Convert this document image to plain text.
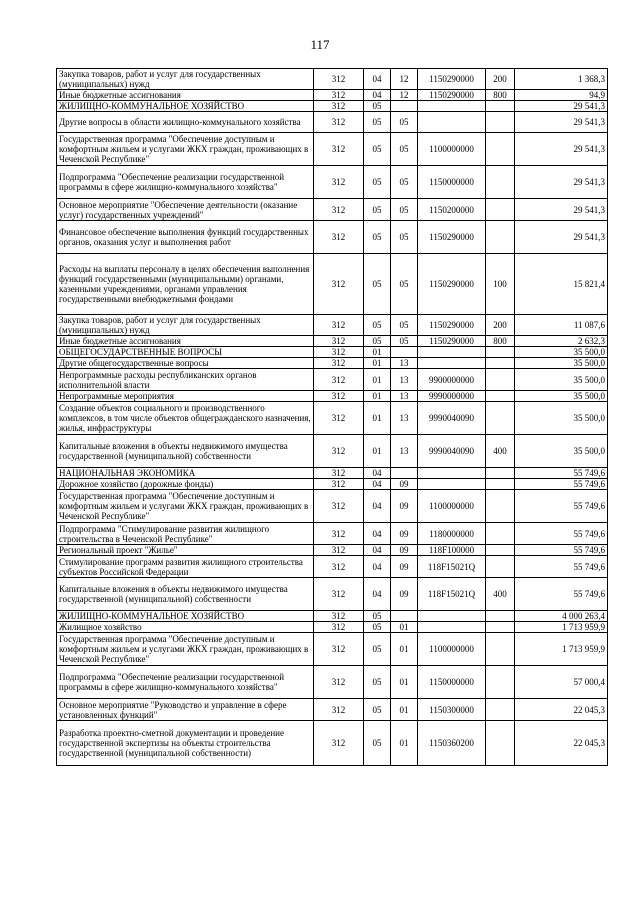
117
Закупка товаров, работ и услуг для государственных (муниципальных) нужд	312	04	12	1150290000	200	1 368,3
Иные бюджетные ассигнования	312	04	12	1150290000	800	94,9
ЖИЛИЩНО-КОММУНАЛЬНОЕ ХОЗЯЙСТВО	312	05				29 541,3
Другие вопросы в области жилищно-коммунального хозяйства	312	05	05			29 541,3
Государственная программа "Обеспечение доступным и комфортным жильем и услугами ЖКХ граждан, проживающих в Чеченской Республике"	312	05	05	1100000000		29 541,3
Подпрограмма "Обеспечение реализации государственной программы в сфере жилищно-коммунального хозяйства"	312	05	05	1150000000		29 541,3
Основное мероприятие "Обеспечение деятельности (оказание услуг) государственных учреждений"	312	05	05	1150200000		29 541,3
Финансовое обеспечение выполнения функций государственных органов, оказания услуг и выполнения работ	312	05	05	1150290000		29 541,3
Расходы на выплаты персоналу в целях обеспечения выполнения функций государственными (муниципальными) органами, казенными учреждениями, органами управления государственными внебюджетными фондами	312	05	05	1150290000	100	15 821,4
Закупка товаров, работ и услуг для государственных (муниципальных) нужд	312	05	05	1150290000	200	11 087,6
Иные бюджетные ассигнования	312	05	05	1150290000	800	2 632,3
ОБЩЕГОСУДАРСТВЕННЫЕ ВОПРОСЫ	312	01				35 500,0
Другие общегосударственные вопросы	312	01	13			35 500,0
Непрограммные расходы республиканских органов исполнительной власти	312	01	13	9900000000		35 500,0
Непрограммные мероприятия	312	01	13	9990000000		35 500,0
Создание объектов социального и производственного комплексов, в том числе объектов общегражданского назначения, жилья, инфраструктуры	312	01	13	9990040090		35 500,0
Капитальные вложения в объекты недвижимого имущества государственной (муниципальной) собственности	312	01	13	9990040090	400	35 500,0
НАЦИОНАЛЬНАЯ ЭКОНОМИКА	312	04				55 749,6
Дорожное хозяйство (дорожные фонды)	312	04	09			55 749,6
Государственная программа "Обеспечение доступным и комфортным жильем и услугами ЖКХ граждан, проживающих в Чеченской Республике"	312	04	09	1100000000		55 749,6
Подпрограмма "Стимулирование развития жилищного строительства в Чеченской Республике"	312	04	09	1180000000		55 749,6
Региональный проект "Жилье"	312	04	09	118F100000		55 749,6
Стимулирование программ развития жилищного строительства субъектов Российской Федерации	312	04	09	118F15021Q		55 749,6
Капитальные вложения в объекты недвижимого имущества государственной (муниципальной) собственности	312	04	09	118F15021Q	400	55 749,6
ЖИЛИЩНО-КОММУНАЛЬНОЕ ХОЗЯЙСТВО	312	05				4 000 263,4
Жилищное хозяйство	312	05	01			1 713 959,9
Государственная программа "Обеспечение доступным и комфортным жильем и услугами ЖКХ граждан, проживающих в Чеченской Республике"	312	05	01	1100000000		1 713 959,9
Подпрограмма "Обеспечение реализации государственной программы в сфере жилищно-коммунального хозяйства"	312	05	01	1150000000		57 000,4
Основное мероприятие "Руководство и управление в сфере установленных функций"	312	05	01	1150300000		22 045,3
Разработка проектно-сметной документации и проведение государственной экспертизы на объекты строительства государственной (муниципальной собственности)	312	05	01	1150360200		22 045,3
